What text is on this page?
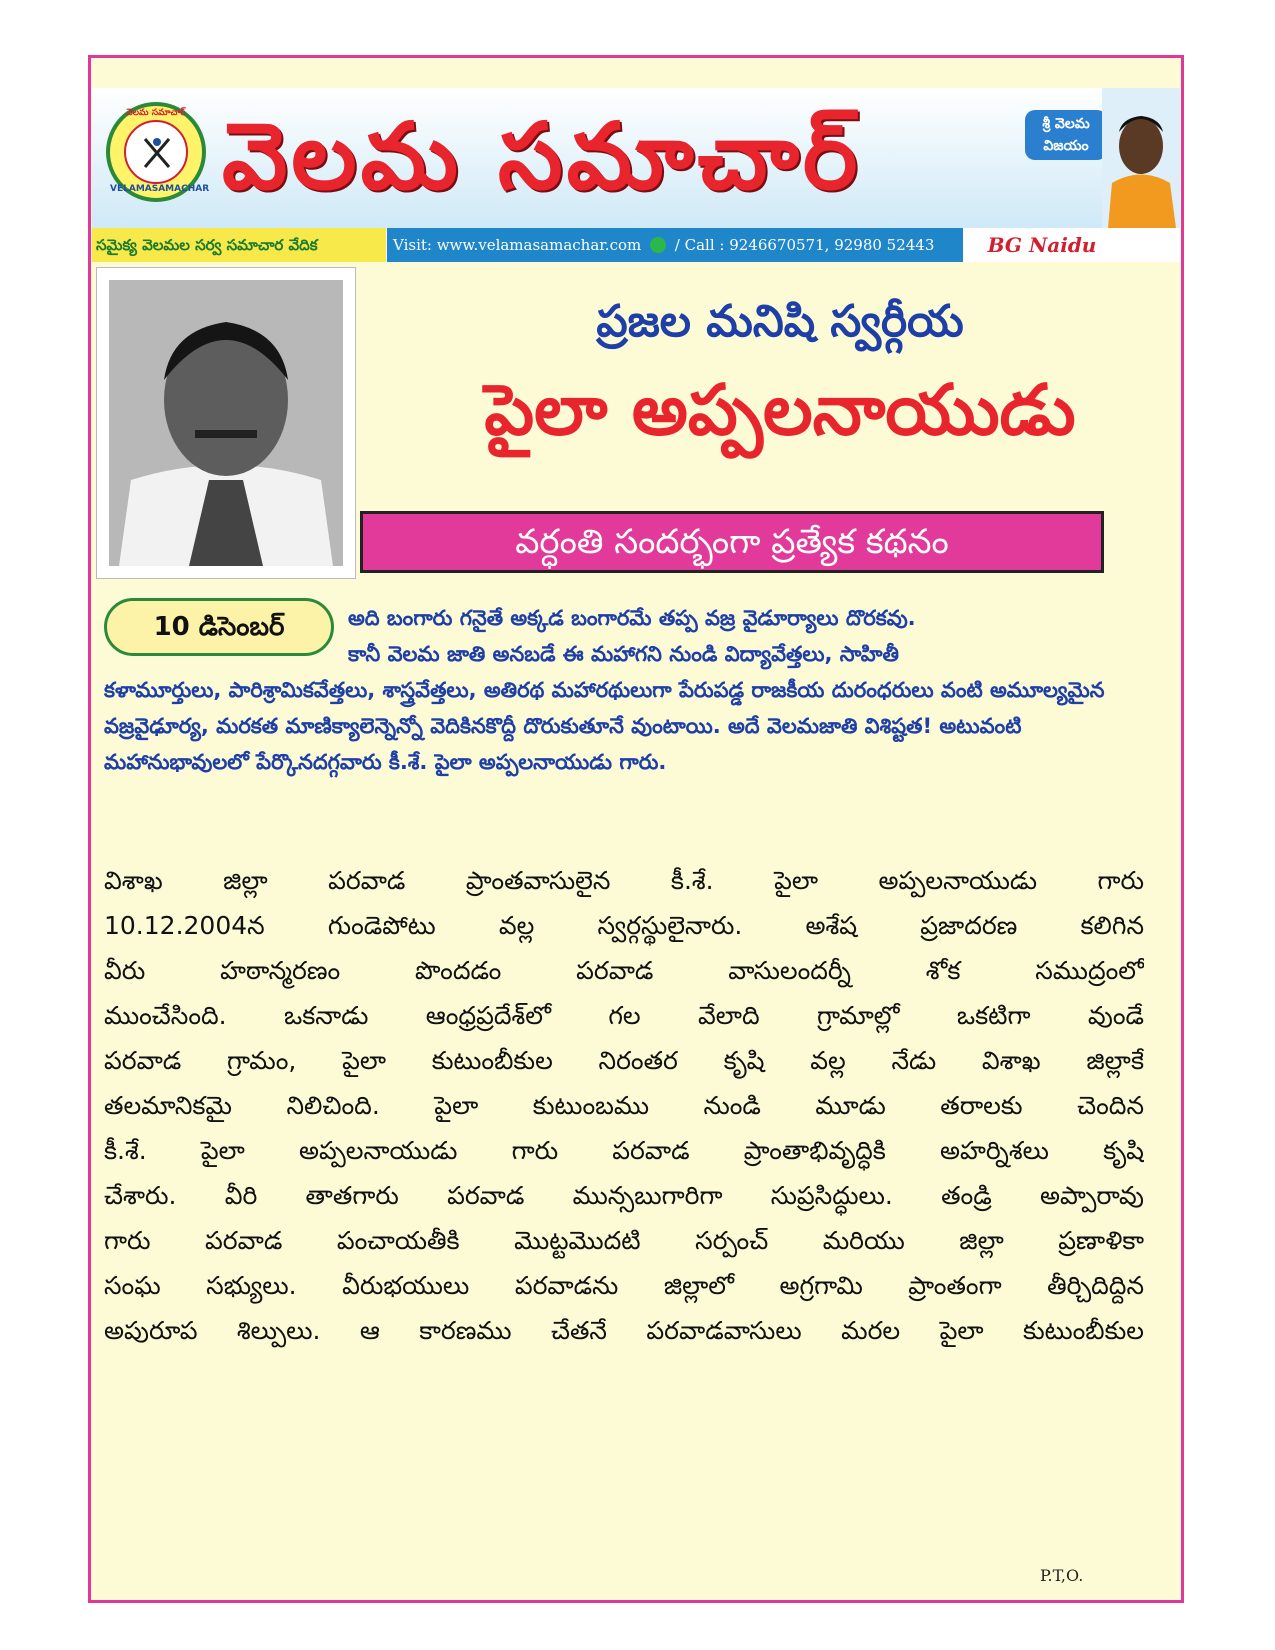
వెలమ సమాచార్
VELAMASAMACHAR వెలమ సమాచార్	శ్రీ వెలమ విజయం
సమైక్య వెలమల సర్వ సమాచార వేదిక	Visit: www.velamasamachar.com / Call : 9246670571, 92980 52443	BG Naidu
ప్రజల మనిషి స్వర్గీయ
పైలా అప్పలనాయుడు
వర్ధంతి సందర్భంగా ప్రత్యేక కథనం
10 డిసెంబర్	అది బంగారు గనైతే అక్కడ బంగారమే తప్ప వజ్ర వైడూర్యాలు దొరకవు.
కానీ వెలమ జాతి అనబడే ఈ మహాగని నుండి విద్యావేత్తలు, సాహితీ
కళామూర్తులు, పారిశ్రామికవేత్తలు, శాస్త్రవేత్తలు, అతిరథ మహారథులుగా పేరుపడ్డ రాజకీయ దురంధరులు వంటి అమూల్యమైన వజ్రవైఢూర్య, మరకత మాణిక్యాలెన్నెన్నో వెదికినకొద్దీ దొరుకుతూనే వుంటాయి. అదే వెలమజాతి విశిష్టత! అటువంటి మహానుభావులలో పేర్కొనదగ్గవారు కీ.శే. పైలా అప్పలనాయుడు గారు.
విశాఖ జిల్లా పరవాడ ప్రాంతవాసులైన కీ.శే. పైలా అప్పలనాయుడు గారు
10.12.2004న గుండెపోటు వల్ల స్వర్గస్థులైనారు. అశేష ప్రజాదరణ కలిగిన
వీరు హఠాన్మరణం పొందడం పరవాడ వాసులందర్నీ శోక సముద్రంలో
ముంచేసింది. ఒకనాడు ఆంధ్రప్రదేశ్‌లో గల వేలాది గ్రామాల్లో ఒకటిగా వుండే
పరవాడ గ్రామం, పైలా కుటుంబీకుల నిరంతర కృషి వల్ల నేడు విశాఖ జిల్లాకే
తలమానికమై నిలిచింది. పైలా కుటుంబము నుండి మూడు తరాలకు చెందిన
కీ.శే. పైలా అప్పలనాయుడు గారు పరవాడ ప్రాంతాభివృద్ధికి అహర్నిశలు కృషి
చేశారు. వీరి తాతగారు పరవాడ మున్సబుగారిగా సుప్రసిద్ధులు. తండ్రి అప్పారావు
గారు పరవాడ పంచాయతీకి మొట్టమొదటి సర్పంచ్ మరియు జిల్లా ప్రణాళికా
సంఘ సభ్యులు. వీరుభయులు పరవాడను జిల్లాలో అగ్రగామి ప్రాంతంగా తీర్చిదిద్దిన
అపురూప శిల్పులు. ఆ కారణము చేతనే పరవాడవాసులు మరల పైలా కుటుంబీకుల
P.T,O.
